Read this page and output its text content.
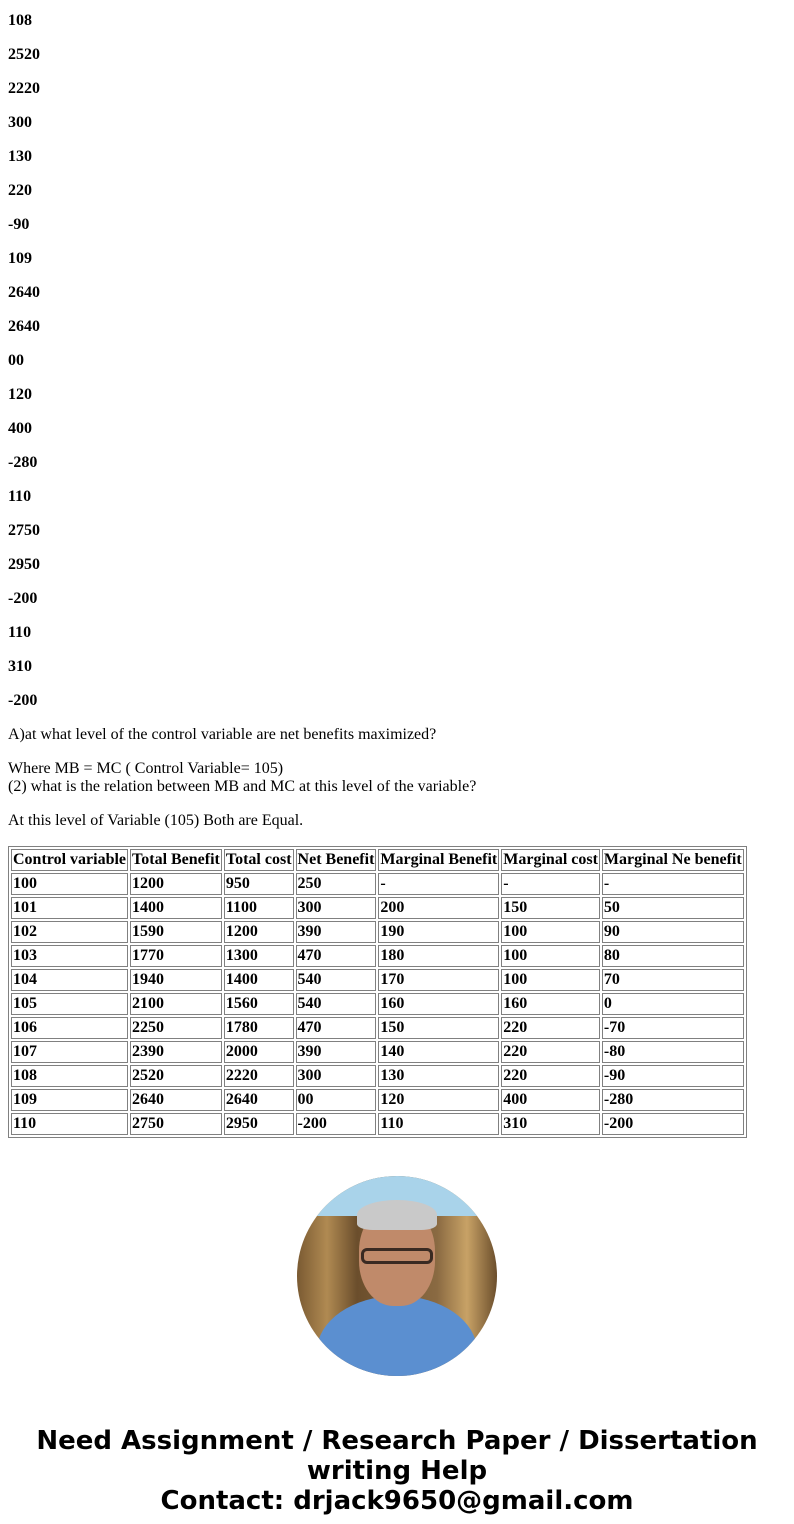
108

2520

2220

300

130

220

-90

109

2640

2640

00

120

400

-280

110

2750

2950

-200

110

310

-200

A)at what level of the control variable are net benefits maximized?

Where MB = MC ( Control Variable= 105)
(2) what is the relation between MB and MC at this level of the variable?

At this level of Variable (105) Both are Equal.

Control variable	Total Benefit	Total cost	Net Benefit	Marginal Benefit	Marginal cost	Marginal Ne benefit
100	1200	950	250	-	-	-
101	1400	1100	300	200	150	50
102	1590	1200	390	190	100	90
103	1770	1300	470	180	100	80
104	1940	1400	540	170	100	70
105	2100	1560	540	160	160	0
106	2250	1780	470	150	220	-70
107	2390	2000	390	140	220	-80
108	2520	2220	300	130	220	-90
109	2640	2640	00	120	400	-280
110	2750	2950	-200	110	310	-200
Need Assignment / Research Paper / Dissertation
writing Help
Contact: drjack9650@gmail.com
